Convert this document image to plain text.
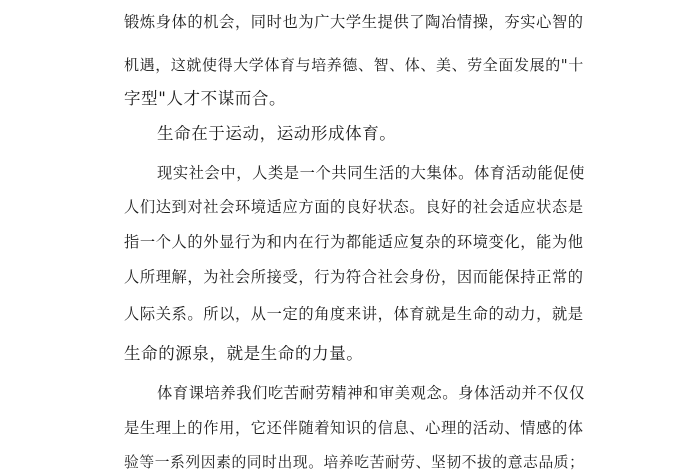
锻炼身体的机会，同时也为广大学生提供了陶冶情操，夯实心智的
机遇，这就使得大学体育与培养德、智、体、美、劳全面发展的"十
字型"人才不谋而合。
生命在于运动，运动形成体育。
现实社会中，人类是一个共同生活的大集体。体育活动能促使
人们达到对社会环境适应方面的良好状态。良好的社会适应状态是
指一个人的外显行为和内在行为都能适应复杂的环境变化，能为他
人所理解，为社会所接受，行为符合社会身份，因而能保持正常的
人际关系。所以，从一定的角度来讲，体育就是生命的动力，就是
生命的源泉，就是生命的力量。
体育课培养我们吃苦耐劳精神和审美观念。身体活动并不仅仅
是生理上的作用，它还伴随着知识的信息、心理的活动、情感的体
验等一系列因素的同时出现。培养吃苦耐劳、坚韧不拔的意志品质；
